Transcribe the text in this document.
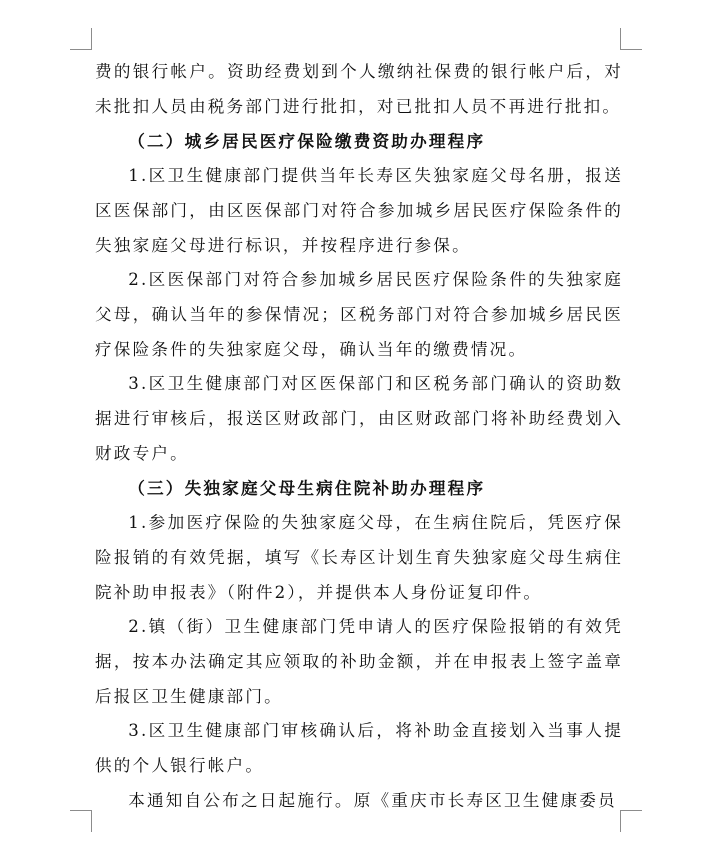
费的银行帐户。资助经费划到个人缴纳社保费的银行帐户后，对未批扣人员由税务部门进行批扣，对已批扣人员不再进行批扣。

（二）城乡居民医疗保险缴费资助办理程序

1.区卫生健康部门提供当年长寿区失独家庭父母名册，报送区医保部门，由区医保部门对符合参加城乡居民医疗保险条件的失独家庭父母进行标识，并按程序进行参保。

2.区医保部门对符合参加城乡居民医疗保险条件的失独家庭父母，确认当年的参保情况；区税务部门对符合参加城乡居民医疗保险条件的失独家庭父母，确认当年的缴费情况。

3.区卫生健康部门对区医保部门和区税务部门确认的资助数据进行审核后，报送区财政部门，由区财政部门将补助经费划入财政专户。

（三）失独家庭父母生病住院补助办理程序

1.参加医疗保险的失独家庭父母，在生病住院后，凭医疗保险报销的有效凭据，填写《长寿区计划生育失独家庭父母生病住院补助申报表》（附件2），并提供本人身份证复印件。

2.镇（街）卫生健康部门凭申请人的医疗保险报销的有效凭据，按本办法确定其应领取的补助金额，并在申报表上签字盖章后报区卫生健康部门。

3.区卫生健康部门审核确认后，将补助金直接划入当事人提供的个人银行帐户。

本通知自公布之日起施行。原《重庆市长寿区卫生健康委员
